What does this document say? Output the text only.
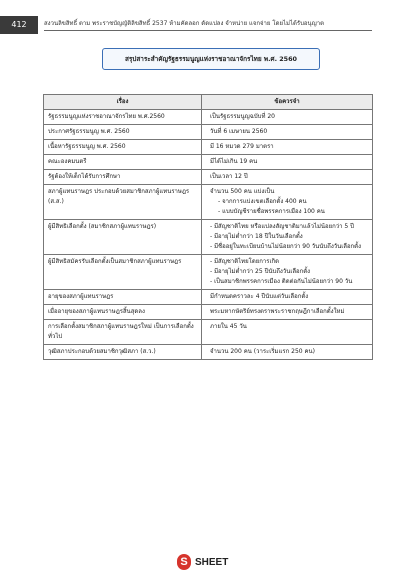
412	สงวนลิขสิทธิ์ ตาม พระราชบัญญัติลิขสิทธิ์ 2537 ห้ามคัดลอก ดัดแปลง จำหน่าย แจกจ่าย โดยไม่ได้รับอนุญาต
สรุปสาระสำคัญรัฐธรรมนูญแห่งราชอาณาจักรไทย พ.ศ. 2560
เรื่อง	ข้อควรจำ
รัฐธรรมนูญแห่งราชอาณาจักรไทย พ.ศ.2560	เป็นรัฐธรรมนูญฉบับที่ 20

ประกาศรัฐธรรมนูญ พ.ศ. 2560	วันที่ 6 เมษายน 2560

เนื้อหารัฐธรรมนูญ พ.ศ. 2560	มี 16 หมวด 279 มาตรา

คณะองคมนตรี	มีได้ไม่เกิน 19 คน

รัฐต้องให้เด็กได้รับการศึกษา	เป็นเวลา 12 ปี

สภาผู้แทนราษฎร ประกอบด้วยสมาชิกสภาผู้แทนราษฎร (ส.ส.)	จำนวน 500 คน แบ่งเป็น
- จากการแบ่งเขตเลือกตั้ง 400 คน
- แบบบัญชีรายชื่อพรรคการเมือง 100 คน

ผู้มีสิทธิเลือกตั้ง (สมาชิกสภาผู้แทนราษฎร)	- มีสัญชาติไทย หรือแปลงสัญชาติมาแล้วไม่น้อยกว่า 5 ปี
- มีอายุไม่ต่ำกว่า 18 ปีในวันเลือกตั้ง
- มีชื่ออยู่ในทะเบียนบ้านไม่น้อยกว่า 90 วันนับถึงวันเลือกตั้ง

ผู้มีสิทธิสมัครรับเลือกตั้งเป็นสมาชิกสภาผู้แทนราษฎร	- มีสัญชาติไทยโดยการเกิด
- มีอายุไม่ต่ำกว่า 25 ปีนับถึงวันเลือกตั้ง
- เป็นสมาชิกพรรคการเมือง ติดต่อกันไม่น้อยกว่า 90 วัน

อายุของสภาผู้แทนราษฎร	มีกำหนดคราวละ 4 ปีนับแต่วันเลือกตั้ง

เมื่ออายุของสภาผู้แทนราษฎรสิ้นสุดลง	พระมหากษัตริย์ทรงตราพระราชกฤษฎีกาเลือกตั้งใหม่

การเลือกตั้งสมาชิกสภาผู้แทนราษฎรใหม่ เป็นการเลือกตั้งทั่วไป	ภายใน 45 วัน

วุฒิสภาประกอบด้วยสมาชิกวุฒิสภา (ส.ว.)	จำนวน 200 คน (วาระเริ่มแรก 250 คน)
S SHEET
